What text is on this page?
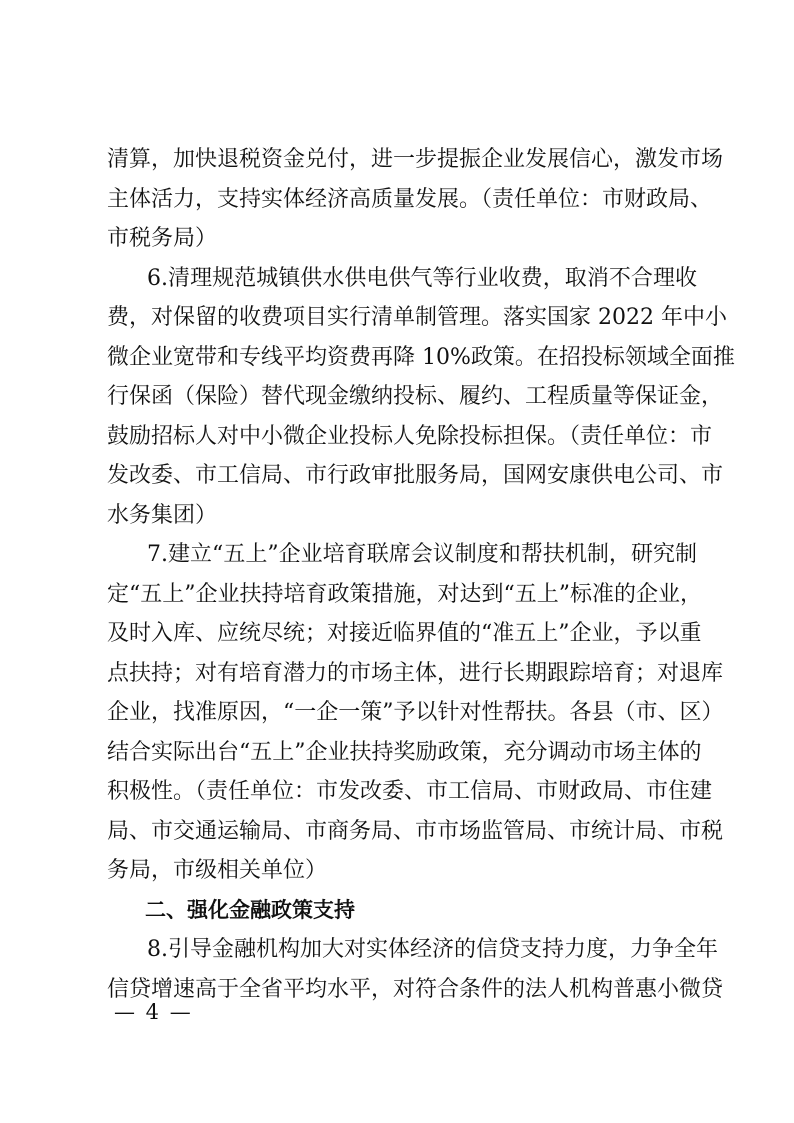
清算，加快退税资金兑付，进一步提振企业发展信心，激发市场
主体活力，支持实体经济高质量发展。（责任单位：市财政局、
市税务局）
6.清理规范城镇供水供电供气等行业收费，取消不合理收
费，对保留的收费项目实行清单制管理。落实国家 2022 年中小
微企业宽带和专线平均资费再降 10%政策。在招投标领域全面推
行保函（保险）替代现金缴纳投标、履约、工程质量等保证金，
鼓励招标人对中小微企业投标人免除投标担保。（责任单位：市
发改委、市工信局、市行政审批服务局，国网安康供电公司、市
水务集团）
7.建立“五上”企业培育联席会议制度和帮扶机制，研究制
定“五上”企业扶持培育政策措施，对达到“五上”标准的企业，
及时入库、应统尽统；对接近临界值的“准五上”企业，予以重
点扶持；对有培育潜力的市场主体，进行长期跟踪培育；对退库
企业，找准原因，“一企一策”予以针对性帮扶。各县（市、区）
结合实际出台“五上”企业扶持奖励政策，充分调动市场主体的
积极性。（责任单位：市发改委、市工信局、市财政局、市住建
局、市交通运输局、市商务局、市市场监管局、市统计局、市税
务局，市级相关单位）
二、强化金融政策支持
8.引导金融机构加大对实体经济的信贷支持力度，力争全年
信贷增速高于全省平均水平，对符合条件的法人机构普惠小微贷
— 4 —
